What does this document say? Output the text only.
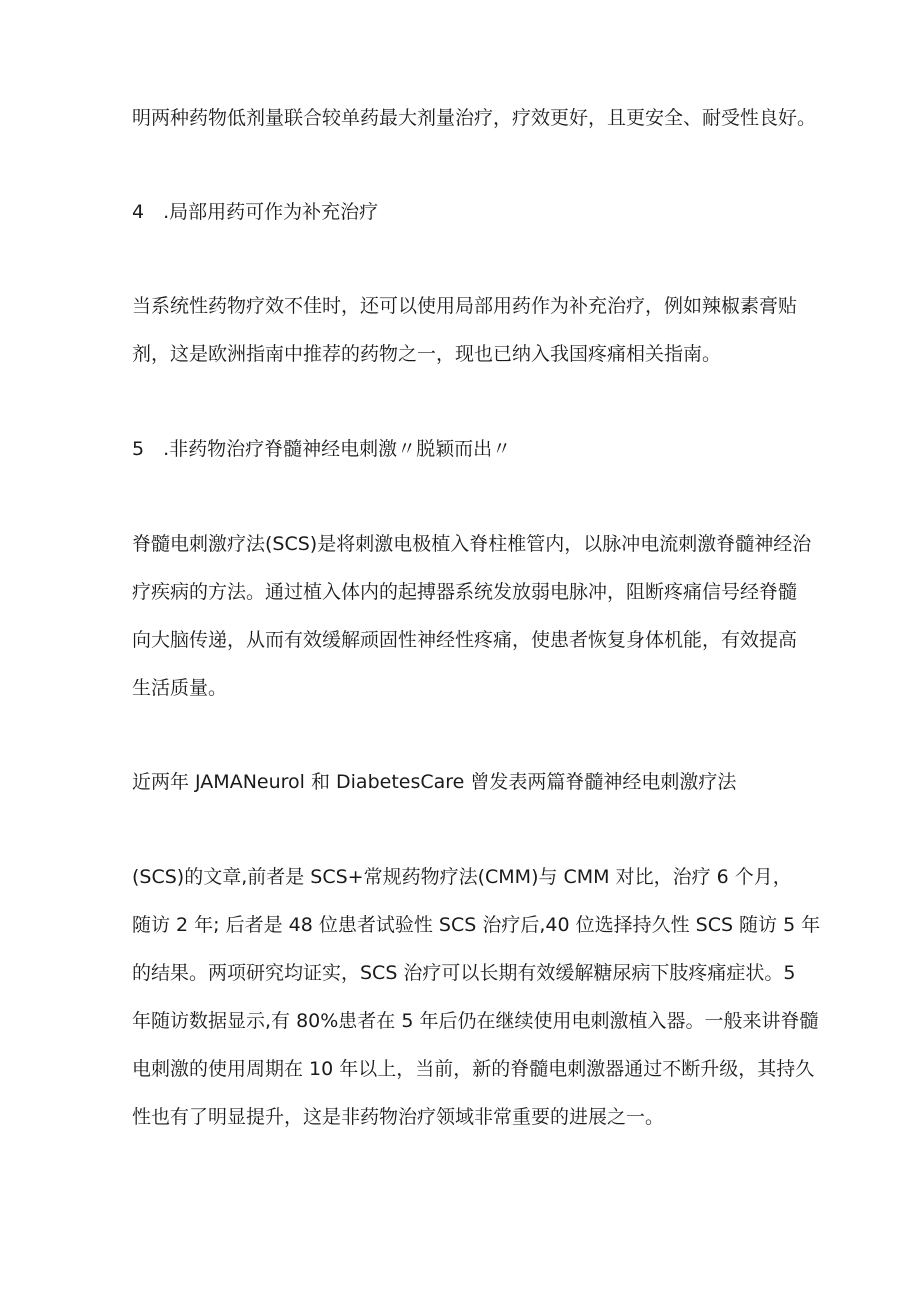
明两种药物低剂量联合较单药最大剂量治疗，疗效更好，且更安全、耐受性良好。
4　.局部用药可作为补充治疗
当系统性药物疗效不佳时，还可以使用局部用药作为补充治疗，例如辣椒素膏贴
剂，这是欧洲指南中推荐的药物之一，现也已纳入我国疼痛相关指南。
5　.非药物治疗脊髓神经电刺激〃脱颖而出〃
脊髓电刺激疗法(SCS)是将刺激电极植入脊柱椎管内，以脉冲电流刺激脊髓神经治
疗疾病的方法。通过植入体内的起搏器系统发放弱电脉冲，阻断疼痛信号经脊髓
向大脑传递，从而有效缓解顽固性神经性疼痛，使患者恢复身体机能，有效提高
生活质量。
近两年 JAMANeurol 和 DiabetesCare 曾发表两篇脊髓神经电刺激疗法
(SCS)的文章,前者是 SCS+常规药物疗法(CMM)与 CMM 对比，治疗 6 个月，
随访 2 年; 后者是 48 位患者试验性 SCS 治疗后,40 位选择持久性 SCS 随访 5 年
的结果。两项研究均证实，SCS 治疗可以长期有效缓解糖尿病下肢疼痛症状。5
年随访数据显示,有 80%患者在 5 年后仍在继续使用电刺激植入器。一般来讲脊髓
电刺激的使用周期在 10 年以上，当前，新的脊髓电刺激器通过不断升级，其持久
性也有了明显提升，这是非药物治疗领域非常重要的进展之一。
